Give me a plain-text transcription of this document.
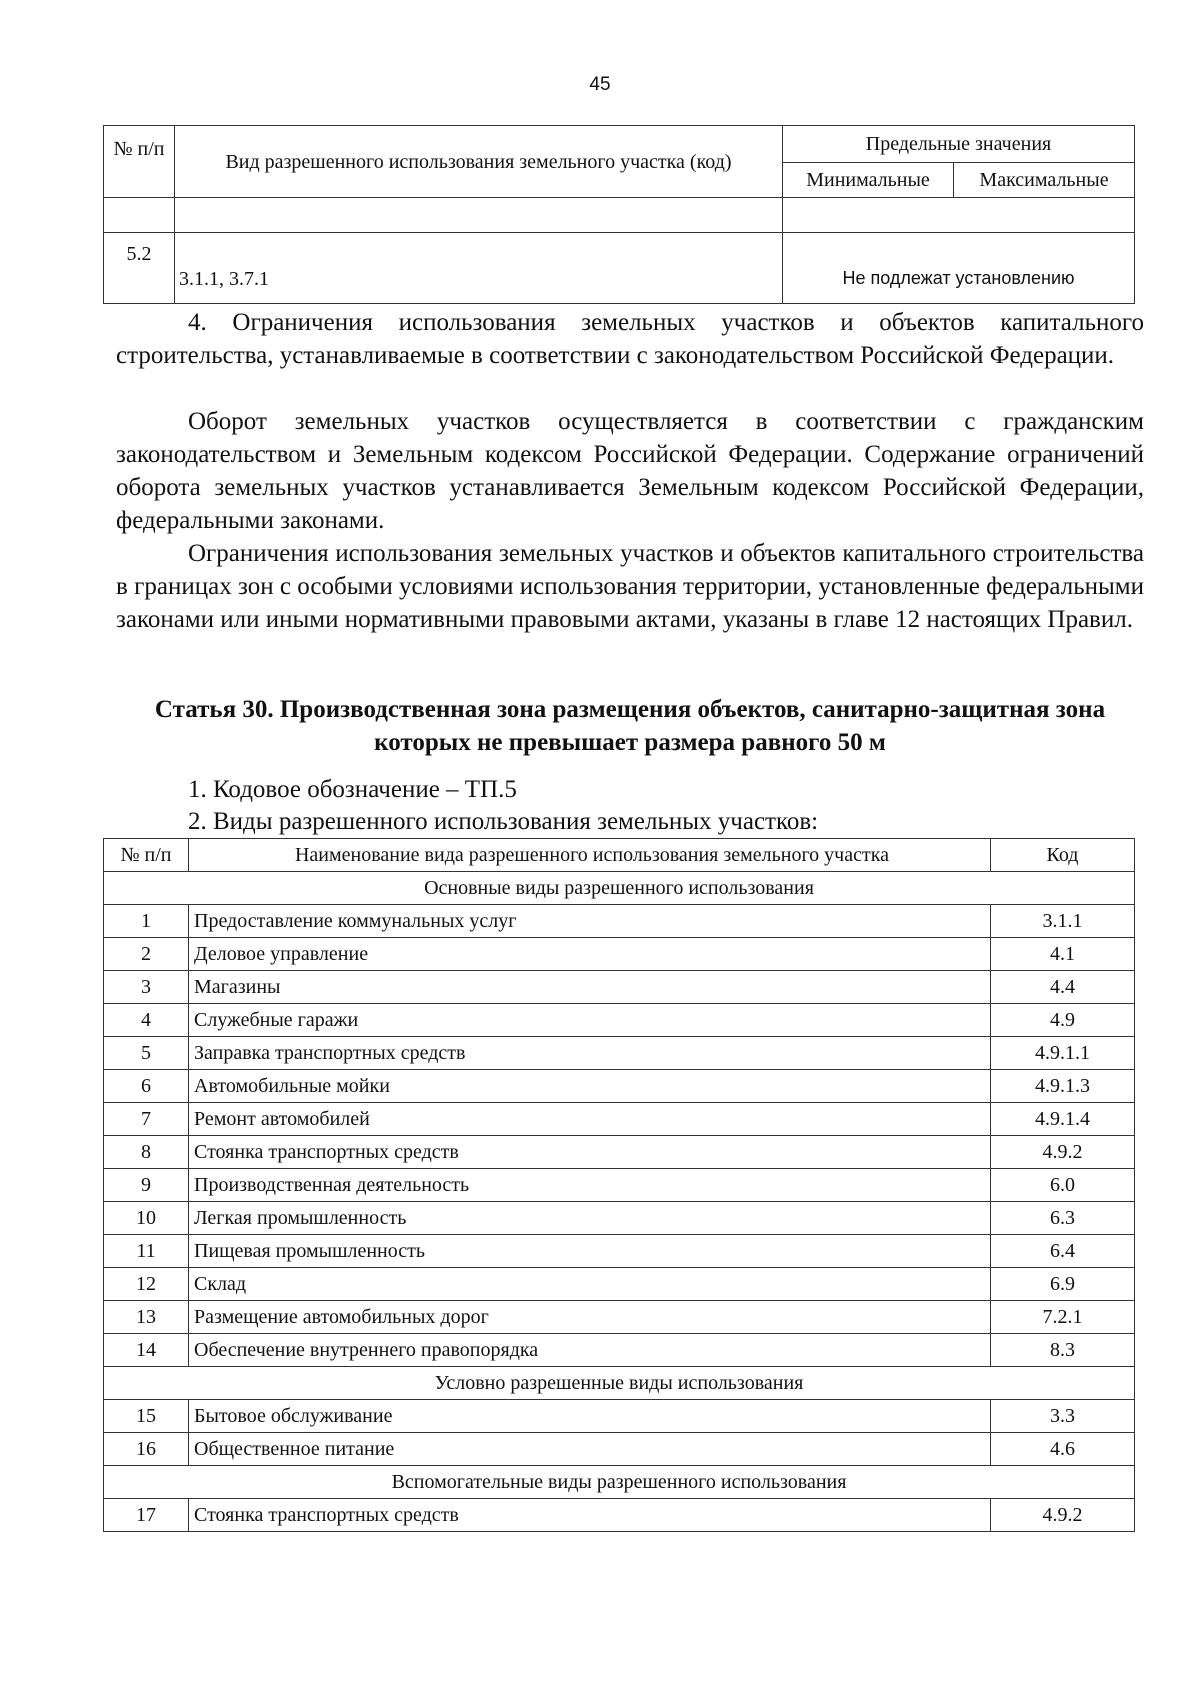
45
№ п/п	Вид разрешенного использования земельного участка (код)	Предельные значения	
		Минимальные	Максимальные

5.2	3.1.1, 3.7.1	Не подлежат установлению	

4. Ограничения использования земельных участков и объектов капитального строительства, устанавливаемые в соответствии с законодательством Российской Федерации.

Оборот земельных участков осуществляется в соответствии с гражданским законодательством и Земельным кодексом Российской Федерации. Содержание ограничений оборота земельных участков устанавливается Земельным кодексом Российской Федерации, федеральными законами.

Ограничения использования земельных участков и объектов капитального строительства в границах зон с особыми условиями использования территории, установленные федеральными законами или иными нормативными правовыми актами, указаны в главе 12 настоящих Правил.

Статья 30. Производственная зона размещения объектов, санитарно-защитная зона которых не превышает размера равного 50 м

1. Кодовое обозначение – ТП.5

2. Виды разрешенного использования земельных участков:

№ п/п	Наименование вида разрешенного использования земельного участка	Код
Основные виды разрешенного использования		
1	Предоставление коммунальных услуг	3.1.1
2	Деловое управление	4.1
3	Магазины	4.4
4	Служебные гаражи	4.9
5	Заправка транспортных средств	4.9.1.1
6	Автомобильные мойки	4.9.1.3
7	Ремонт автомобилей	4.9.1.4
8	Стоянка транспортных средств	4.9.2
9	Производственная деятельность	6.0
10	Легкая промышленность	6.3
11	Пищевая промышленность	6.4
12	Склад	6.9
13	Размещение автомобильных дорог	7.2.1
14	Обеспечение внутреннего правопорядка	8.3
Условно разрешенные виды использования		
15	Бытовое обслуживание	3.3
16	Общественное питание	4.6
Вспомогательные виды разрешенного использования		
17	Стоянка транспортных средств	4.9.2
